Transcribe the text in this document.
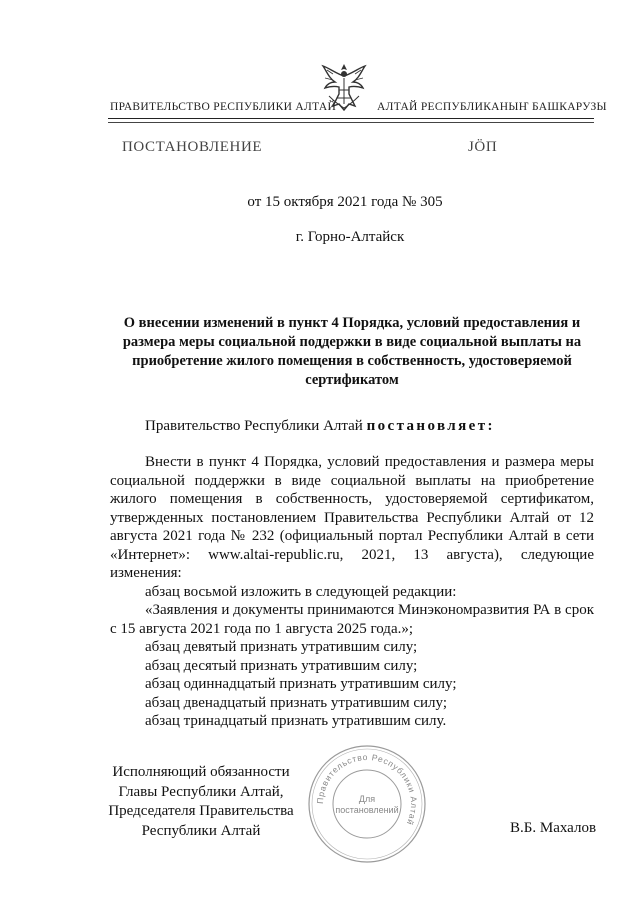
ПРАВИТЕЛЬСТВО РЕСПУБЛИКИ АЛТАЙ	АЛТАЙ РЕСПУБЛИКАНЫҤ БАШКАРУЗЫ
ПОСТАНОВЛЕНИЕ	JӦП
от 15 октября 2021 года № 305
г. Горно-Алтайск
О внесении изменений в пункт 4 Порядка, условий предоставления и размера меры социальной поддержки в виде социальной выплаты на приобретение жилого помещения в собственность, удостоверяемой сертификатом
Правительство Республики Алтай постановляет:

Внести в пункт 4 Порядка, условий предоставления и размера меры социальной поддержки в виде социальной выплаты на приобретение жилого помещения в собственность, удостоверяемой сертификатом, утвержденных постановлением Правительства Республики Алтай от 12 августа 2021 года № 232 (официальный портал Республики Алтай в сети «Интернет»: www.altai-republic.ru, 2021, 13 августа), следующие изменения:

абзац восьмой изложить в следующей редакции:

«Заявления и документы принимаются Минэкономразвития РА в срок с 15 августа 2021 года по 1 августа 2025 года.»;

абзац девятый признать утратившим силу;

абзац десятый признать утратившим силу;

абзац одиннадцатый признать утратившим силу;

абзац двенадцатый признать утратившим силу;

абзац тринадцатый признать утратившим силу.

Правительство Республики Алтай
Для
постановлений
Исполняющий обязанности
Главы Республики Алтай,
Председателя Правительства
Республики Алтай	В.Б. Махалов
